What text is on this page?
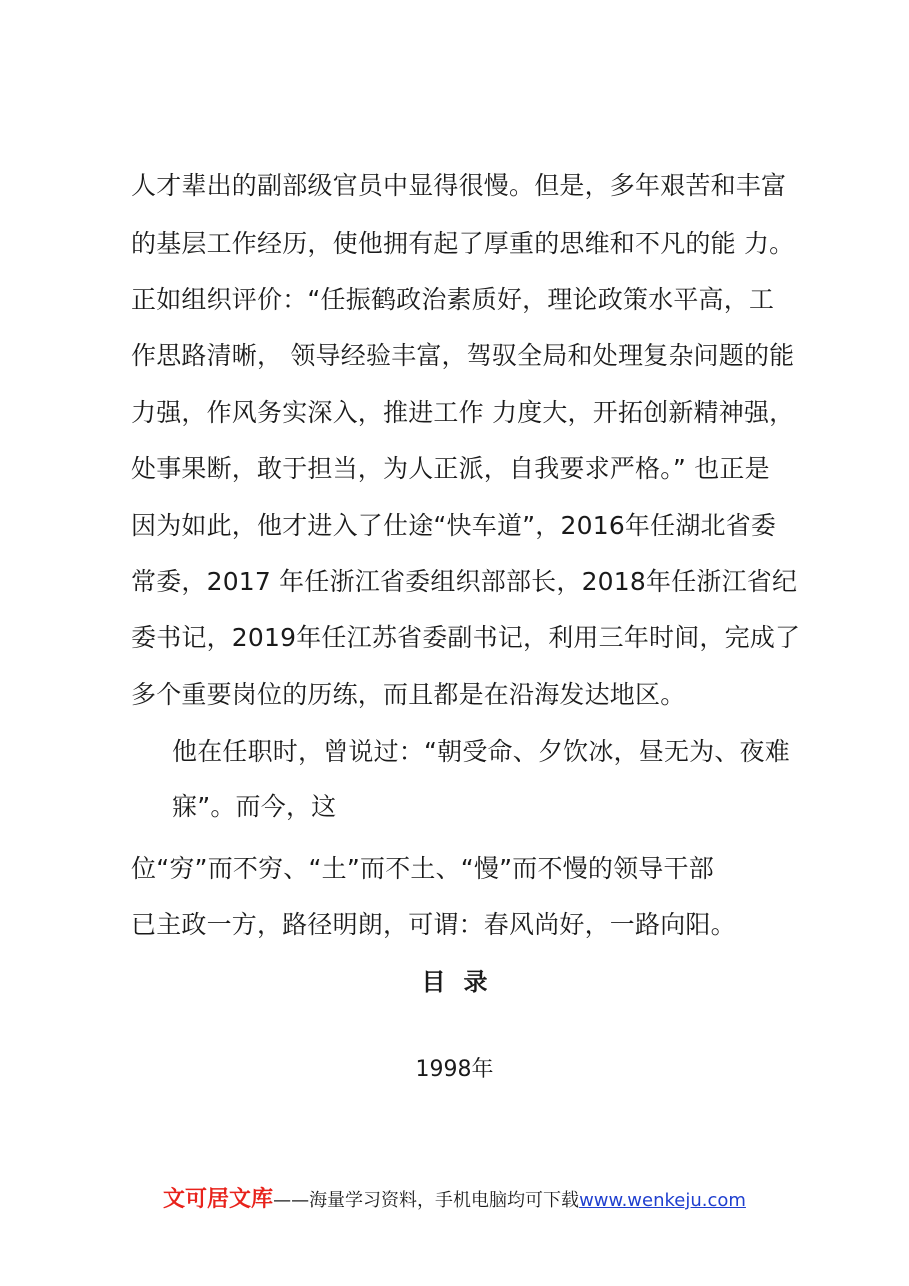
人才辈出的副部级官员中显得很慢。但是，多年艰苦和丰富
的基层工作经历，使他拥有起了厚重的思维和不凡的能 力。
正如组织评价：“任振鹤政治素质好，理论政策水平高，工
作思路清晰， 领导经验丰富，驾驭全局和处理复杂问题的能
力强，作风务实深入，推进工作 力度大，开拓创新精神强，
处事果断，敢于担当，为人正派，自我要求严格。” 也正是
因为如此，他才进入了仕途“快车道”，2016年任湖北省委
常委，2017 年任浙江省委组织部部长，2018年任浙江省纪
委书记，2019年任江苏省委副书记，利用三年时间，完成了
多个重要岗位的历练，而且都是在沿海发达地区。
他在任职时，曾说过：“朝受命、夕饮冰，昼无为、夜难
寐”。而今，这
位“穷”而不穷、“土”而不土、“慢”而不慢的领导干部
已主政一方，路径明朗，可谓：春风尚好，一路向阳。
目录
1998年
文可居文库——海量学习资料，手机电脑均可下载www.wenkeju.com
